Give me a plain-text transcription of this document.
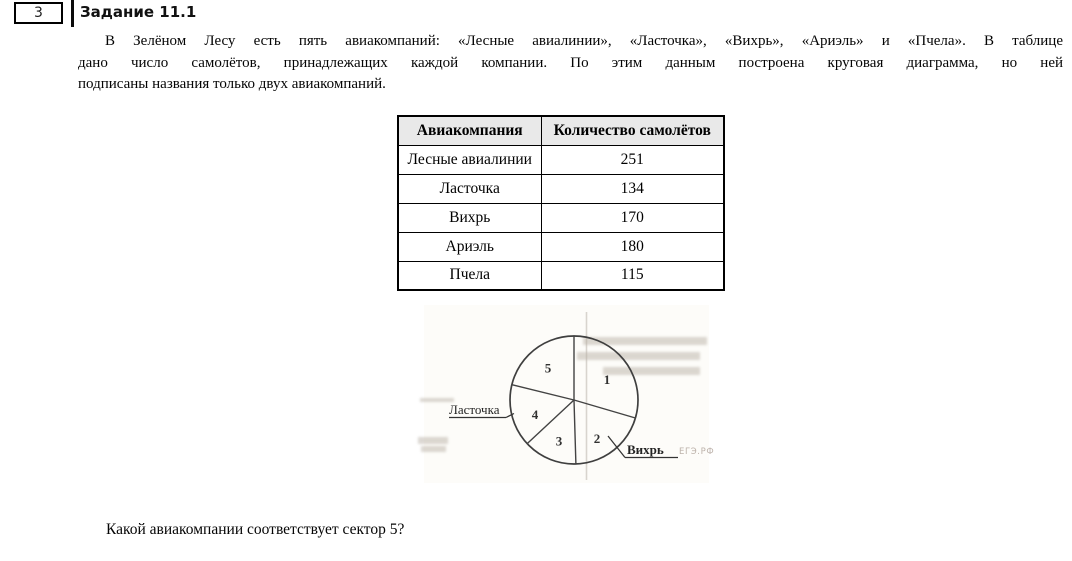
3 Задание 11.1
В Зелёном Лесу есть пять авиакомпаний: «Лесные авиалинии», «Ласточка», «Вихрь», «Ариэль» и «Пчела». В таблице
дано число самолётов, принадлежащих каждой компании. По этим данным построена круговая диаграмма, но ней
подписаны названия только двух авиакомпаний.
Авиакомпания	Количество самолётов
Лесные авиалинии	251
Ласточка	134
Вихрь	170
Ариэль	180
Пчела	115
1
2
3
4
5
Ласточка
Вихрь ЕГЭ.РФ
Какой авиакомпании соответствует сектор 5?
